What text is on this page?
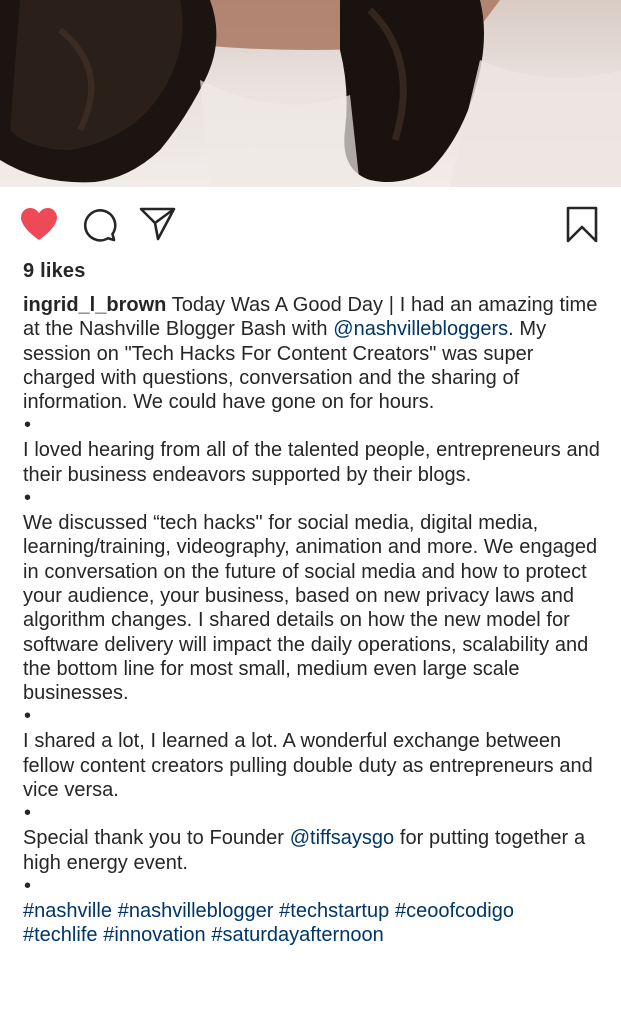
9 likes

ingrid_l_brown Today Was A Good Day | I had an amazing time at the Nashville Blogger Bash with @nashvillebloggers. My session on "Tech Hacks For Content Creators" was super charged with questions, conversation and the sharing of information. We could have gone on for hours.

•

I loved hearing from all of the talented people, entrepreneurs and their business endeavors supported by their blogs.

•

We discussed “tech hacks" for social media, digital media, learning/training, videography, animation and more. We engaged in conversation on the future of social media and how to protect your audience, your business, based on new privacy laws and algorithm changes. I shared details on how the new model for software delivery will impact the daily operations, scalability and the bottom line for most small, medium even large scale businesses.

•

I shared a lot, I learned a lot. A wonderful exchange between fellow content creators pulling double duty as entrepreneurs and vice versa.

•

Special thank you to Founder @tiffsaysgo for putting together a high energy event.

•

#nashville #nashvilleblogger #techstartup #ceoofcodigo
#techlife #innovation #saturdayafternoon
